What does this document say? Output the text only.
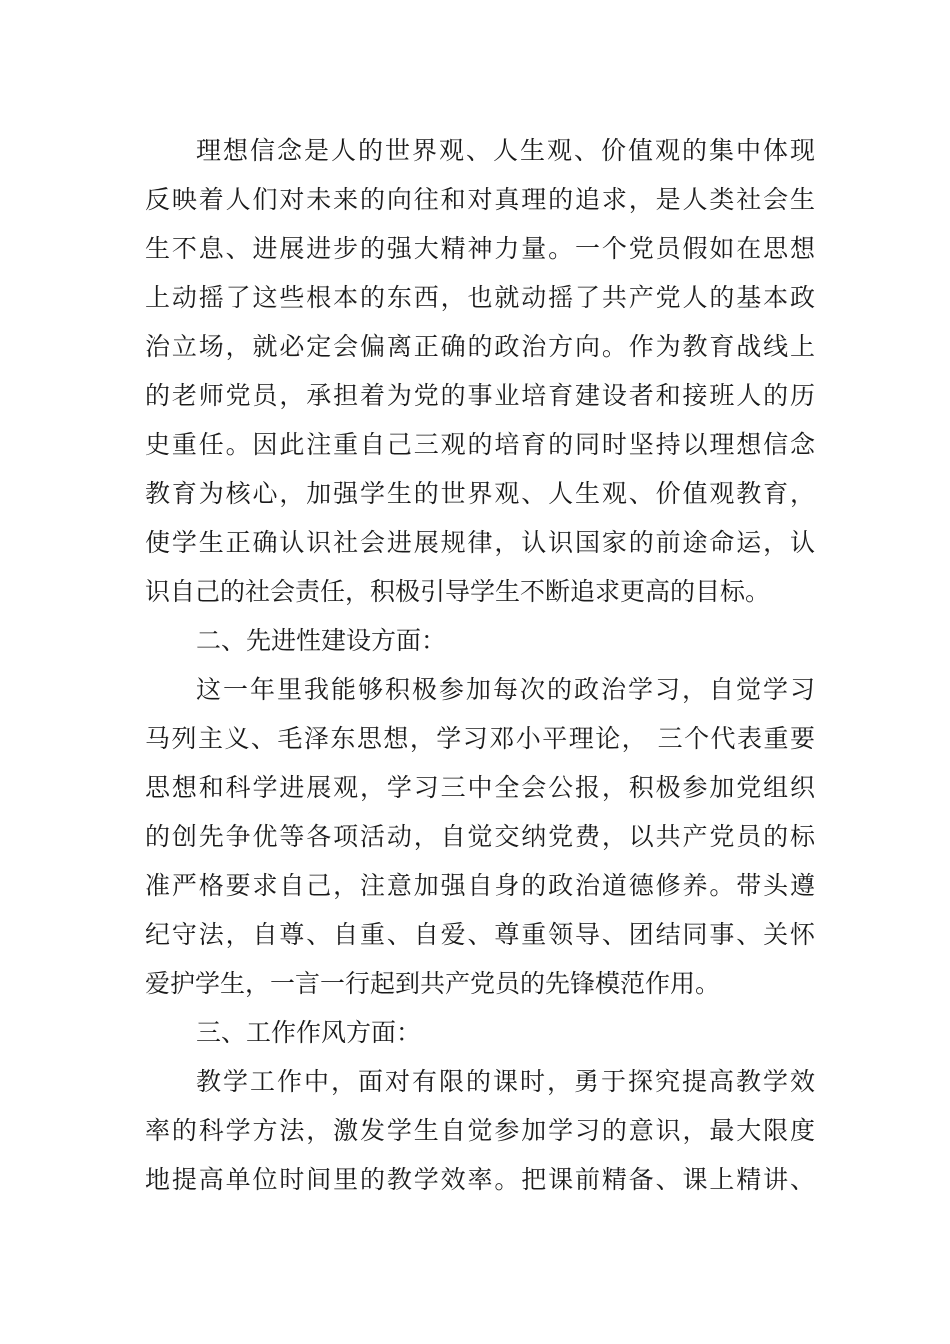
理想信念是人的世界观、人生观、价值观的集中体现
反映着人们对未来的向往和对真理的追求，是人类社会生
生不息、进展进步的强大精神力量。一个党员假如在思想
上动摇了这些根本的东西，也就动摇了共产党人的基本政
治立场，就必定会偏离正确的政治方向。作为教育战线上
的老师党员，承担着为党的事业培育建设者和接班人的历
史重任。因此注重自己三观的培育的同时坚持以理想信念
教育为核心，加强学生的世界观、人生观、价值观教育，
使学生正确认识社会进展规律，认识国家的前途命运，认
识自己的社会责任，积极引导学生不断追求更高的目标。
二、先进性建设方面：
这一年里我能够积极参加每次的政治学习，自觉学习
马列主义、毛泽东思想，学习邓小平理论， 三个代表重要
思想和科学进展观，学习三中全会公报，积极参加党组织
的创先争优等各项活动，自觉交纳党费，以共产党员的标
准严格要求自己，注意加强自身的政治道德修养。带头遵
纪守法，自尊、自重、自爱、尊重领导、团结同事、关怀
爱护学生，一言一行起到共产党员的先锋模范作用。
三、工作作风方面：
教学工作中，面对有限的课时，勇于探究提高教学效
率的科学方法，激发学生自觉参加学习的意识，最大限度
地提高单位时间里的教学效率。把课前精备、课上精讲、
